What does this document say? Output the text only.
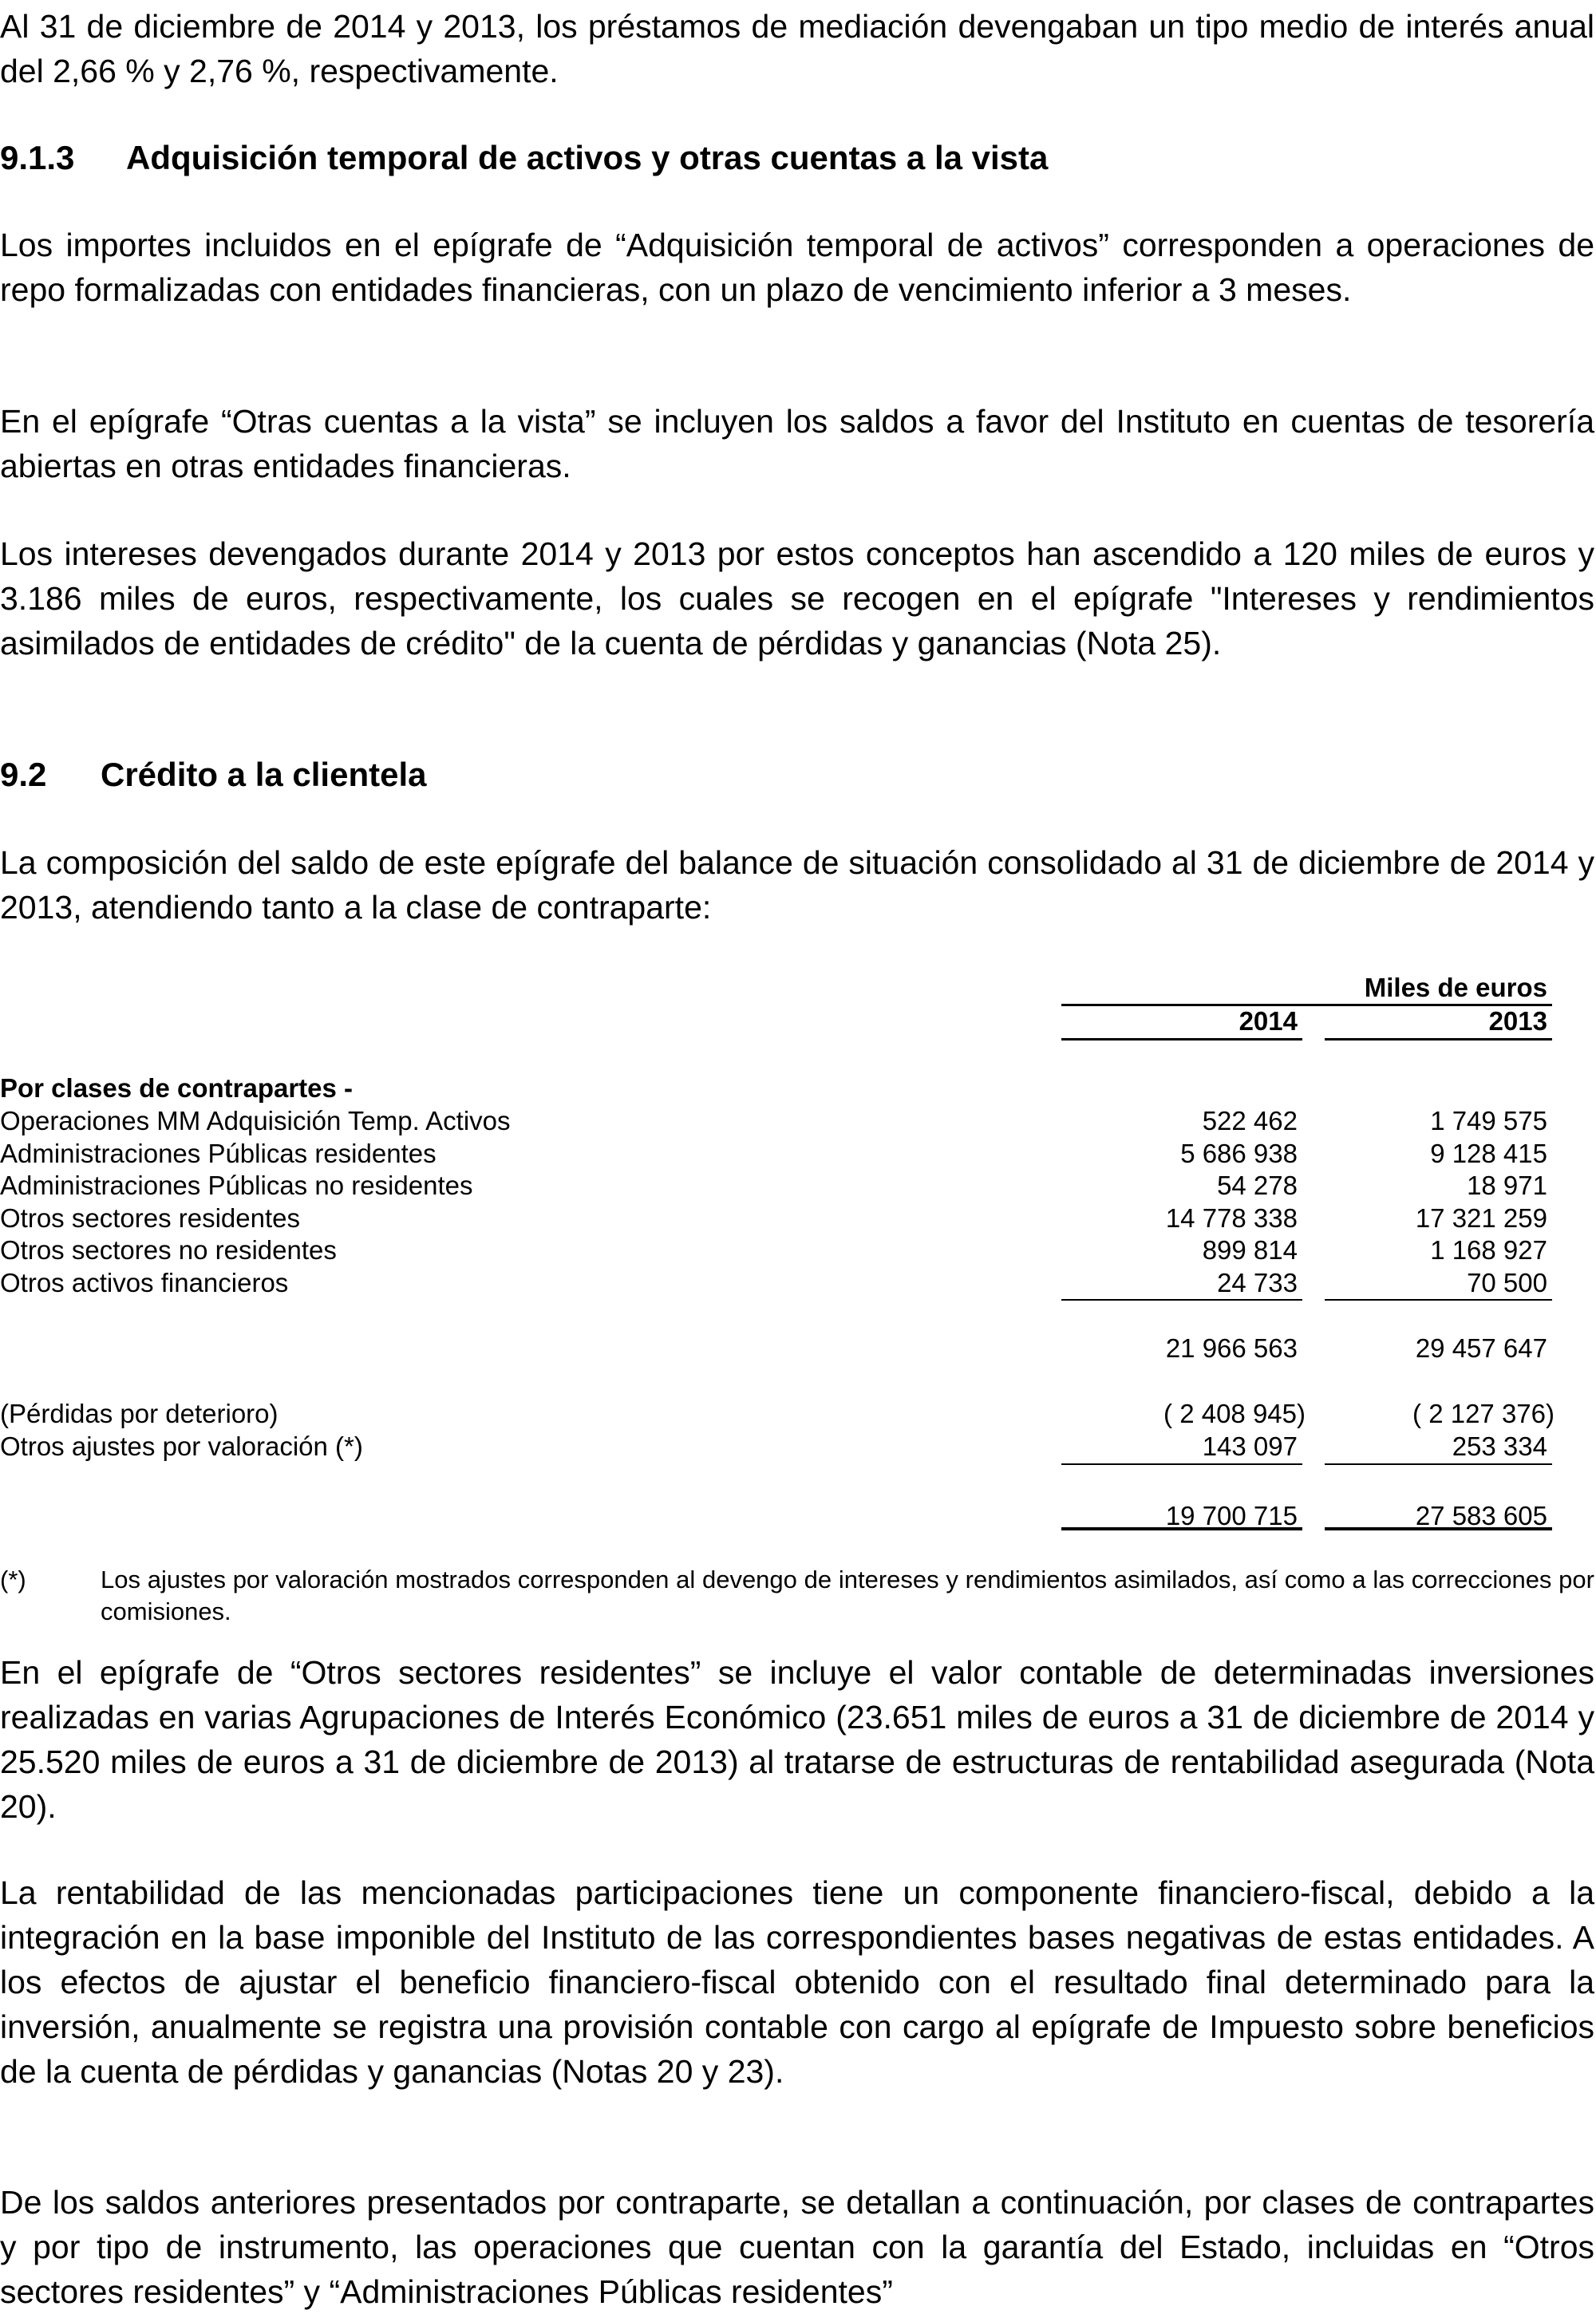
Al 31 de diciembre de 2014 y 2013, los préstamos de mediación devengaban un tipo medio de interés anual del 2,66 % y 2,76 %, respectivamente.

9.1.3 Adquisición temporal de activos y otras cuentas a la vista

Los importes incluidos en el epígrafe de “Adquisición temporal de activos” corresponden a operaciones de repo formalizadas con entidades financieras, con un plazo de vencimiento inferior a 3 meses.

En el epígrafe “Otras cuentas a la vista” se incluyen los saldos a favor del Instituto en cuentas de tesorería abiertas en otras entidades financieras.

Los intereses devengados durante 2014 y 2013 por estos conceptos han ascendido a 120 miles de euros y 3.186 miles de euros, respectivamente, los cuales se recogen en el epígrafe "Intereses y rendimientos asimilados de entidades de crédito" de la cuenta de pérdidas y ganancias (Nota 25).

9.2 Crédito a la clientela

La composición del saldo de este epígrafe del balance de situación consolidado al 31 de diciembre de 2014 y 2013, atendiendo tanto a la clase de contraparte:

Miles de euros
2014	2013
Por clases de contrapartes -
Operaciones MM Adquisición Temp. Activos	522 462	1 749 575
Administraciones Públicas residentes	5 686 938	9 128 415
Administraciones Públicas no residentes	54 278	18 971
Otros sectores residentes	14 778 338	17 321 259
Otros sectores no residentes	899 814	1 168 927
Otros activos financieros	24 733	70 500
21 966 563	29 457 647
(Pérdidas por deterioro)	( 2 408 945)	( 2 127 376)
Otros ajustes por valoración (*)	143 097	253 334
19 700 715	27 583 605
(*)	Los ajustes por valoración mostrados corresponden al devengo de intereses y rendimientos asimilados, así como a las correcciones por comisiones.

En el epígrafe de “Otros sectores residentes” se incluye el valor contable de determinadas inversiones realizadas en varias Agrupaciones de Interés Económico (23.651 miles de euros a 31 de diciembre de 2014 y 25.520 miles de euros a 31 de diciembre de 2013) al tratarse de estructuras de rentabilidad asegurada (Nota 20).

La rentabilidad de las mencionadas participaciones tiene un componente financiero-fiscal, debido a la integración en la base imponible del Instituto de las correspondientes bases negativas de estas entidades. A los efectos de ajustar el beneficio financiero-fiscal obtenido con el resultado final determinado para la inversión, anualmente se registra una provisión contable con cargo al epígrafe de Impuesto sobre beneficios de la cuenta de pérdidas y ganancias (Notas 20 y 23).

De los saldos anteriores presentados por contraparte, se detallan a continuación, por clases de contrapartes y por tipo de instrumento, las operaciones que cuentan con la garantía del Estado, incluidas en “Otros sectores residentes” y “Administraciones Públicas residentes”
